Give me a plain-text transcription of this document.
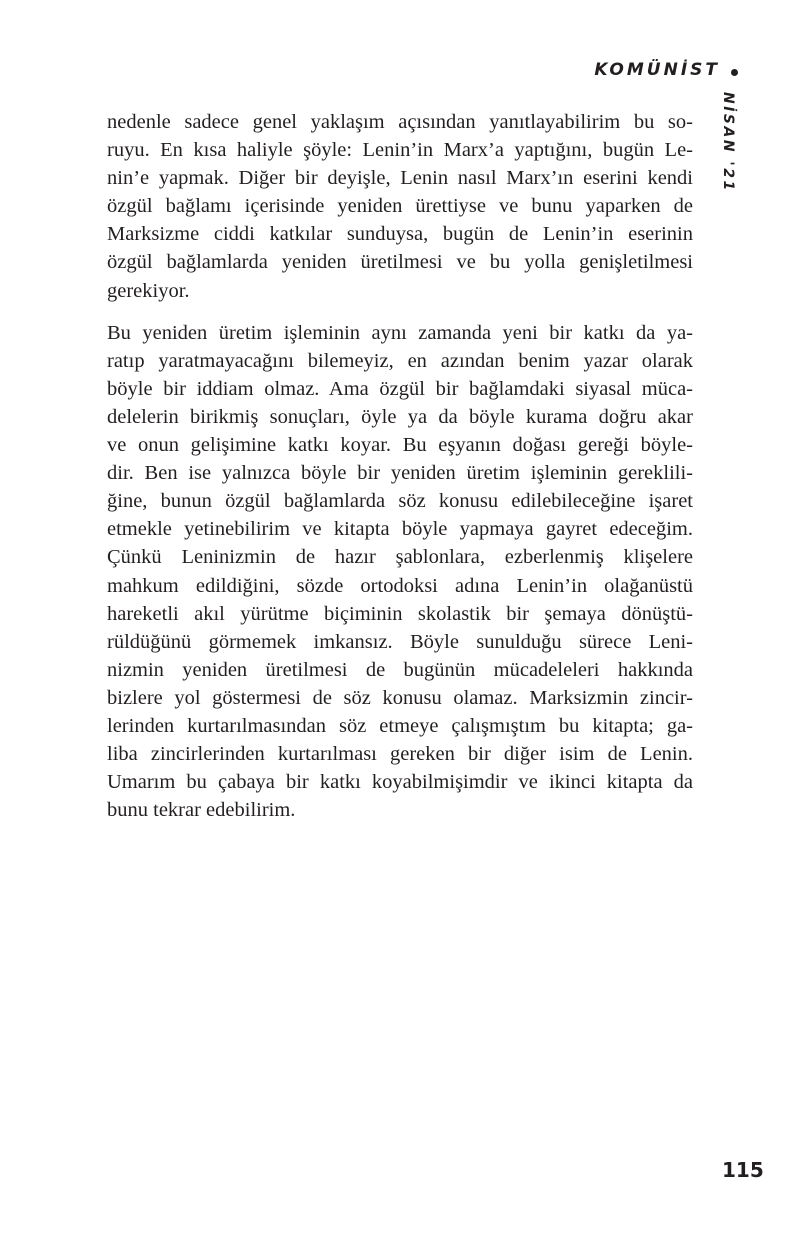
KOMÜNİST
NİSAN '21

nedenle sadece genel yaklaşım açısından yanıtlayabilirim bu so-
ruyu. En kısa haliyle şöyle: Lenin’in Marx’a yaptığını, bugün Le-
nin’e yapmak. Diğer bir deyişle, Lenin nasıl Marx’ın eserini kendi
özgül bağlamı içerisinde yeniden ürettiyse ve bunu yaparken de
Marksizme ciddi katkılar sunduysa, bugün de Lenin’in eserinin
özgül bağlamlarda yeniden üretilmesi ve bu yolla genişletilmesi
gerekiyor.

Bu yeniden üretim işleminin aynı zamanda yeni bir katkı da ya-
ratıp yaratmayacağını bilemeyiz, en azından benim yazar olarak
böyle bir iddiam olmaz. Ama özgül bir bağlamdaki siyasal müca-
delelerin birikmiş sonuçları, öyle ya da böyle kurama doğru akar
ve onun gelişimine katkı koyar. Bu eşyanın doğası gereği böyle-
dir. Ben ise yalnızca böyle bir yeniden üretim işleminin gereklili-
ğine, bunun özgül bağlamlarda söz konusu edilebileceğine işaret
etmekle yetinebilirim ve kitapta böyle yapmaya gayret edeceğim.
Çünkü Leninizmin de hazır şablonlara, ezberlenmiş klişelere
mahkum edildiğini, sözde ortodoksi adına Lenin’in olağanüstü
hareketli akıl yürütme biçiminin skolastik bir şemaya dönüştü-
rüldüğünü görmemek imkansız. Böyle sunulduğu sürece Leni-
nizmin yeniden üretilmesi de bugünün mücadeleleri hakkında
bizlere yol göstermesi de söz konusu olamaz. Marksizmin zincir-
lerinden kurtarılmasından söz etmeye çalışmıştım bu kitapta; ga-
liba zincirlerinden kurtarılması gereken bir diğer isim de Lenin.
Umarım bu çabaya bir katkı koyabilmişimdir ve ikinci kitapta da
bunu tekrar edebilirim.

115
